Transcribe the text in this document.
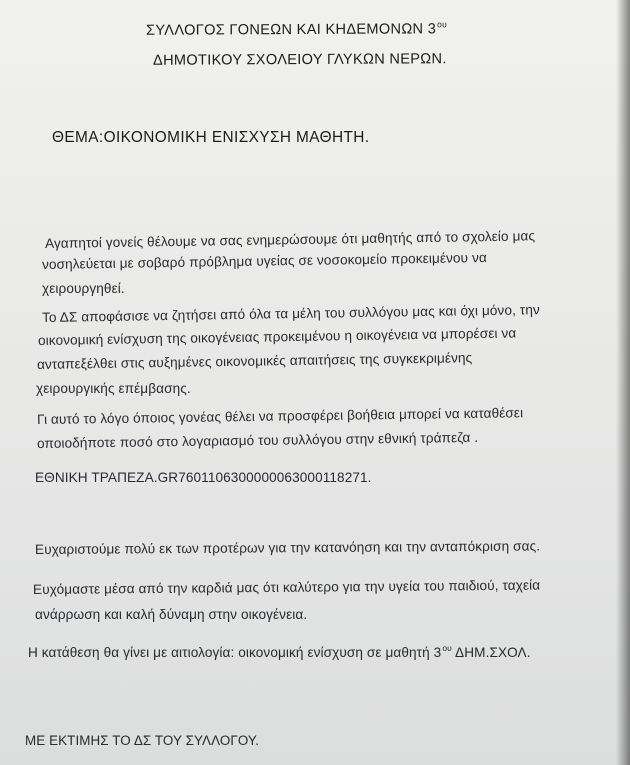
ΣΥΛΛΟΓΟΣ ΓΟΝΕΩΝ ΚΑΙ ΚΗΔΕΜΟΝΩΝ $3^{o\upsilon}$
ΔΗΜΟΤΙΚΟΥ ΣΧΟΛΕΙΟΥ ΓΛΥΚΩΝ ΝΕΡΩΝ.
ΘΕΜΑ:ΟΙΚΟΝΟΜΙΚΗ ΕΝΙΣΧΥΣΗ ΜΑΘΗΤΗ.
Αγαπητοί γονείς θέλουμε να σας ενημερώσουμε ότι μαθητής από το σχολείο μας
νοσηλεύεται με σοβαρό πρόβλημα υγείας σε νοσοκομείο προκειμένου να
χειρουργηθεί.
Το ΔΣ αποφάσισε να ζητήσει από όλα τα μέλη του συλλόγου μας και όχι μόνο, την
οικονομική ενίσχυση της οικογένειας προκειμένου η οικογένεια να μπορέσει να
ανταπεξέλθει στις αυξημένες οικονομικές απαιτήσεις της συγκεκριμένης
χειρουργικής επέμβασης.
Γι αυτό το λόγο όποιος γονέας θέλει να προσφέρει βοήθεια μπορεί να καταθέσει
οποιοδήποτε ποσό στο λογαριασμό του συλλόγου στην εθνική τράπεζα .
ΕΘΝΙΚΗ ΤΡΑΠΕΖΑ.GR7601106300000063000118271.
Ευχαριστούμε πολύ εκ των προτέρων για την κατανόηση και την ανταπόκριση σας.
Ευχόμαστε μέσα από την καρδιά μας ότι καλύτερο για την υγεία του παιδιού, ταχεία
ανάρρωση και καλή δύναμη στην οικογένεια.
Η κατάθεση θα γίνει με αιτιολογία: οικονομική ενίσχυση σε μαθητή $3^{o\upsilon}$ ΔΗΜ.ΣΧΟΛ.
ΜΕ ΕΚΤΙΜΗΣ ΤΟ ΔΣ ΤΟΥ ΣΥΛΛΟΓΟΥ.
